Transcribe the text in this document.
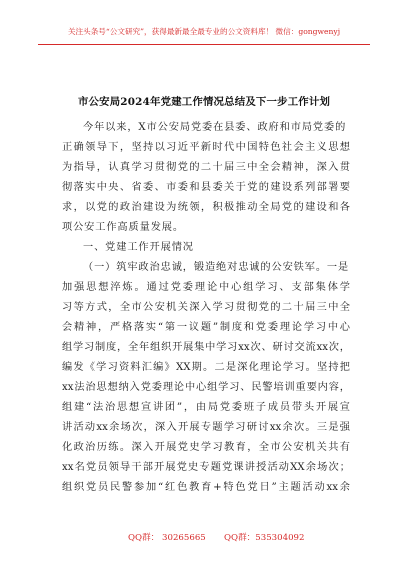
关注头条号“公文研究”，获得最新最全最专业的公文资料库！ 微信：gongwenyj
市公安局2024年党建工作情况总结及下一步工作计划
今年以来，X市公安局党委在县委、政府和市局党委的
正确领导下，坚持以习近平新时代中国特色社会主义思想
为指导，认真学习贯彻党的二十届三中全会精神，深入贯
彻落实中央、省委、市委和县委关于党的建设系列部署要
求，以党的政治建设为统领，积极推动全局党的建设和各
项公安工作高质量发展。
一、党建工作开展情况
（一）筑牢政治忠诚，锻造绝对忠诚的公安铁军。一是
加强思想淬炼。通过党委理论中心组学习、支部集体学
习等方式，全市公安机关深入学习贯彻党的二十届三中全
会精神，严格落实“第一议题”制度和党委理论学习中心
组学习制度，全年组织开展集中学习xx次、研讨交流xx次，
编发《学习资料汇编》XX期。二是深化理论学习。坚持把
xx法治思想纳入党委理论中心组学习、民警培训重要内容，
组建“法治思想宣讲团”，由局党委班子成员带头开展宣
讲活动xx余场次，深入开展专题学习研讨xx余次。三是强
化政治历练。深入开展党史学习教育，全市公安机关共有
xx名党员领导干部开展党史专题党课讲授活动XX余场次；
组织党员民警参加“红色教育+特色党日”主题活动xx余
QQ群： 30265665 QQ群：535304092
